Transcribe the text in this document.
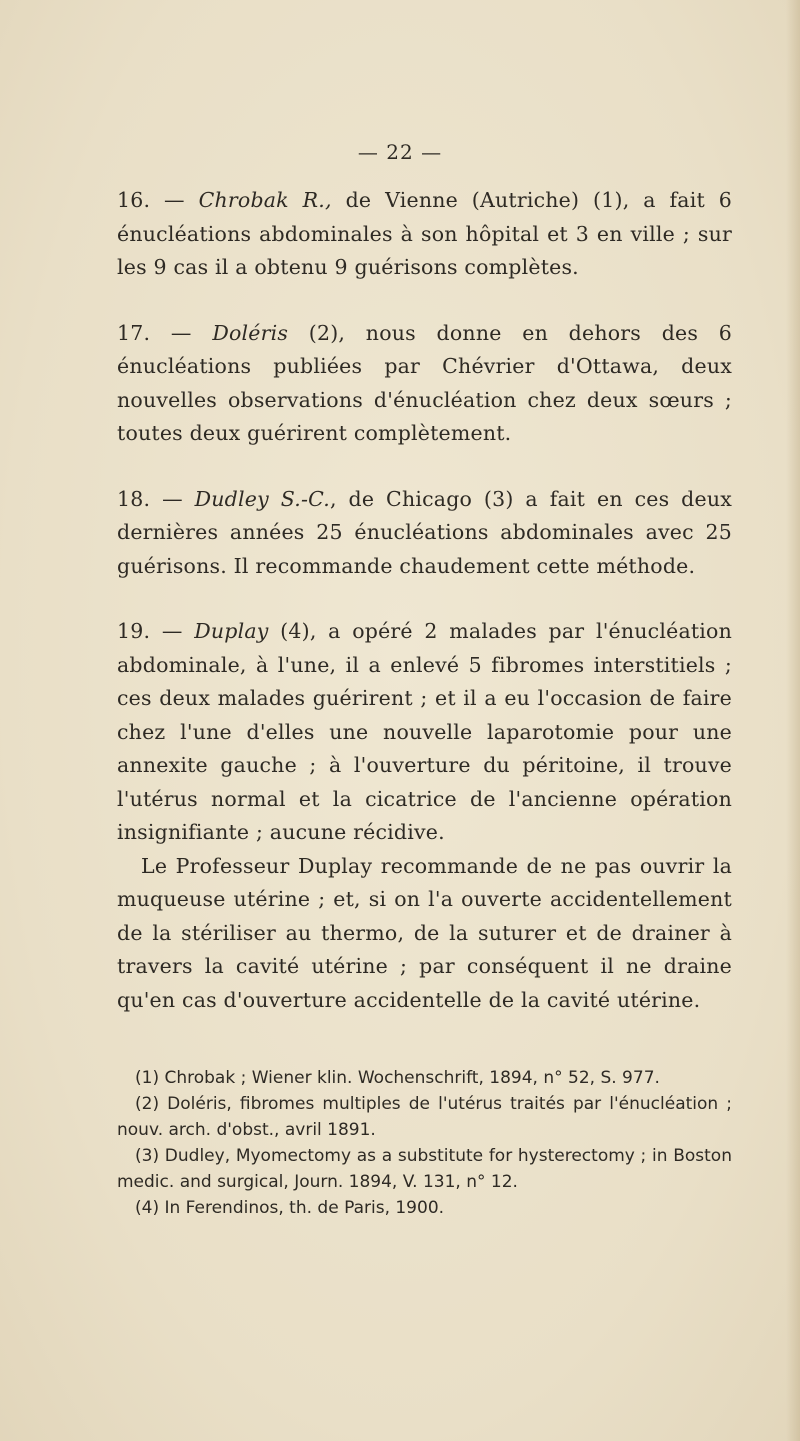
— 22 —

16. — Chrobak R., de Vienne (Autriche) (1), a fait 6 énucléations abdominales à son hôpital et 3 en ville ; sur les 9 cas il a obtenu 9 guérisons complètes.

17. — Doléris (2), nous donne en dehors des 6 énucléations publiées par Chévrier d'Ottawa, deux nouvelles observations d'énucléation chez deux sœurs ; toutes deux guérirent complètement.

18. — Dudley S.-C., de Chicago (3) a fait en ces deux dernières années 25 énucléations abdominales avec 25 guérisons. Il recommande chaudement cette méthode.

19. — Duplay (4), a opéré 2 malades par l'énucléation abdominale, à l'une, il a enlevé 5 fibromes interstitiels ; ces deux malades guérirent ; et il a eu l'occasion de faire chez l'une d'elles une nouvelle laparotomie pour une annexite gauche ; à l'ouverture du péritoine, il trouve l'utérus normal et la cicatrice de l'ancienne opération insignifiante ; aucune récidive.

Le Professeur Duplay recommande de ne pas ouvrir la muqueuse utérine ; et, si on l'a ouverte accidentellement de la stériliser au thermo, de la suturer et de drainer à travers la cavité utérine ; par conséquent il ne draine qu'en cas d'ouverture accidentelle de la cavité utérine.

(1) Chrobak ; Wiener klin. Wochenschrift, 1894, n° 52, S. 977.

(2) Doléris, fibromes multiples de l'utérus traités par l'énucléation ; nouv. arch. d'obst., avril 1891.

(3) Dudley, Myomectomy as a substitute for hysterectomy ; in Boston medic. and surgical, Journ. 1894, V. 131, n° 12.

(4) In Ferendinos, th. de Paris, 1900.
